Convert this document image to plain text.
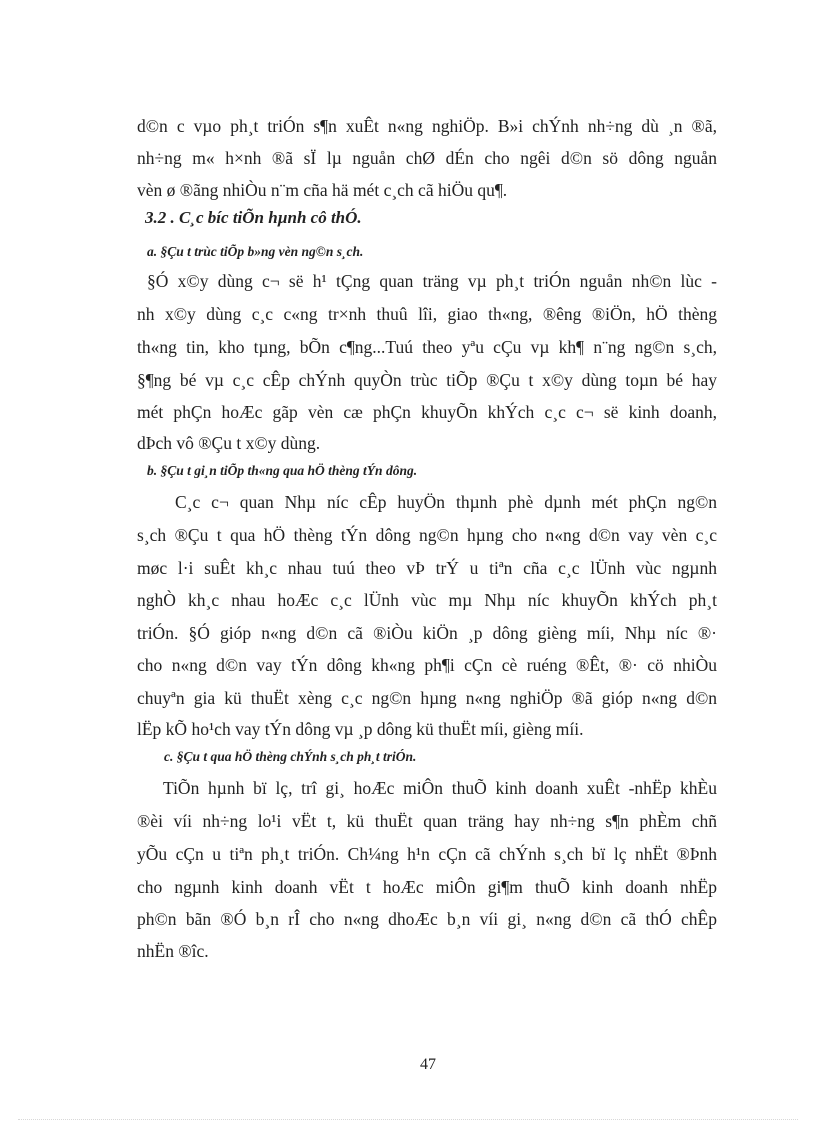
d©n c vµo ph¸t triÓn s¶n xuÊt n«ng nghiÖp. B»i chÝnh nh÷ng dù ¸n ®ã,
nh÷ng m« h×nh ®ã sÏ lµ nguån chØ dÉn cho ngêi d©n sö dông nguån
vèn ø ®ãng nhiÒu n¨m cña hä mét c¸ch cã hiÖu qu¶.
3.2 . C¸c bíc tiÕn hµnh cô thÓ.
a. §Çu t trùc tiÕp b»ng vèn ng©n s¸ch.
§Ó x©y dùng c¬ së h¹ tÇng quan träng vµ ph¸t triÓn nguån nh©n lùc -
nh x©y dùng c¸c c«ng tr×nh thuû lîi, giao th«ng, ®êng ®iÖn, hÖ thèng
th«ng tin, kho tµng, bÕn c¶ng...Tuú theo yªu cÇu vµ kh¶ n¨ng ng©n s¸ch,
§¶ng bé vµ c¸c cÊp chÝnh quyÒn trùc tiÕp ®Çu t x©y dùng toµn bé hay
mét phÇn hoÆc gãp vèn cæ phÇn khuyÕn khÝch c¸c c¬ së kinh doanh,
dÞch vô ®Çu t x©y dùng.
b. §Çu t gi¸n tiÕp th«ng qua hÖ thèng tÝn dông.
C¸c c¬ quan Nhµ níc cÊp huyÖn thµnh phè dµnh mét phÇn ng©n
s¸ch ®Çu t qua hÖ thèng tÝn dông ng©n hµng cho n«ng d©n vay vèn c¸c
møc l·i suÊt kh¸c nhau tuú theo vÞ trÝ u tiªn cña c¸c lÜnh vùc ngµnh
nghÒ kh¸c nhau hoÆc c¸c lÜnh vùc mµ Nhµ níc khuyÕn khÝch ph¸t
triÓn. §Ó gióp n«ng d©n cã ®iÒu kiÖn ¸p dông gièng míi, Nhµ níc ®·
cho n«ng d©n vay tÝn dông kh«ng ph¶i cÇn cè ruéng ®Êt, ®· cö nhiÒu
chuyªn gia kü thuËt xèng c¸c ng©n hµng n«ng nghiÖp ®ã gióp n«ng d©n
lËp kÕ ho¹ch vay tÝn dông vµ ¸p dông kü thuËt míi, gièng míi.
c. §Çu t qua hÖ thèng chÝnh s¸ch ph¸t triÓn.
TiÕn hµnh bï lç, trî gi¸ hoÆc miÔn thuÕ kinh doanh xuÊt -nhËp khÈu
®èi víi nh÷ng lo¹i vËt t, kü thuËt quan träng hay nh÷ng s¶n phÈm chñ
yÕu cÇn u tiªn ph¸t triÓn. Ch¼ng h¹n cÇn cã chÝnh s¸ch bï lç nhËt ®Þnh
cho ngµnh kinh doanh vËt t hoÆc miÔn gi¶m thuÕ kinh doanh nhËp
ph©n bãn ®Ó b¸n rÎ cho n«ng dhoÆc b¸n víi gi¸ n«ng d©n cã thÓ chÊp
nhËn ®îc.
47
